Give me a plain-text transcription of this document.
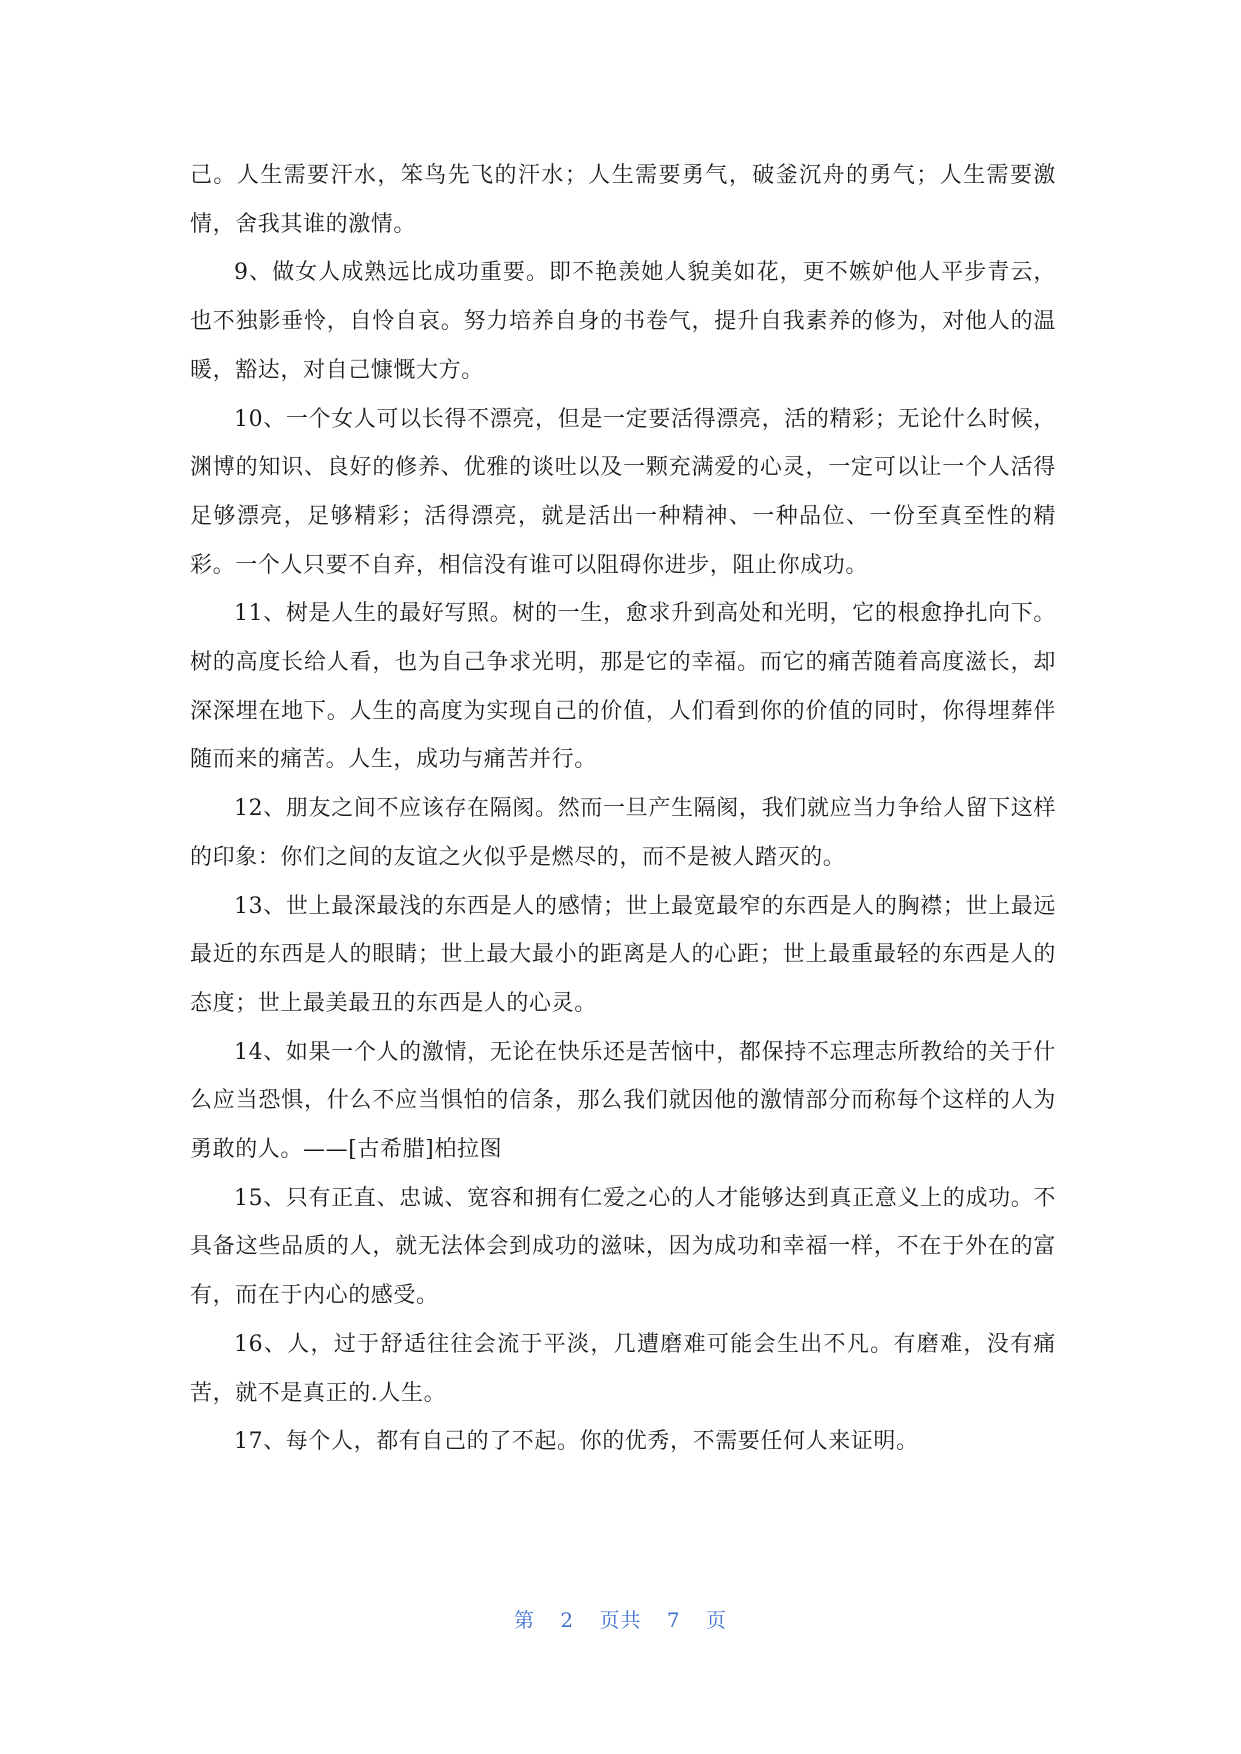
己。人生需要汗水，笨鸟先飞的汗水；人生需要勇气，破釜沉舟的勇气；人生需要激情，舍我其谁的激情。

9、做女人成熟远比成功重要。即不艳羡她人貌美如花，更不嫉妒他人平步青云，也不独影垂怜，自怜自哀。努力培养自身的书卷气，提升自我素养的修为，对他人的温暖，豁达，对自己慷慨大方。

10、一个女人可以长得不漂亮，但是一定要活得漂亮，活的精彩；无论什么时候，渊博的知识、良好的修养、优雅的谈吐以及一颗充满爱的心灵，一定可以让一个人活得足够漂亮，足够精彩；活得漂亮，就是活出一种精神、一种品位、一份至真至性的精彩。一个人只要不自弃，相信没有谁可以阻碍你进步，阻止你成功。

11、树是人生的最好写照。树的一生，愈求升到高处和光明，它的根愈挣扎向下。树的高度长给人看，也为自己争求光明，那是它的幸福。而它的痛苦随着高度滋长，却深深埋在地下。人生的高度为实现自己的价值，人们看到你的价值的同时，你得埋葬伴随而来的痛苦。人生，成功与痛苦并行。

12、朋友之间不应该存在隔阂。然而一旦产生隔阂，我们就应当力争给人留下这样的印象：你们之间的友谊之火似乎是燃尽的，而不是被人踏灭的。

13、世上最深最浅的东西是人的感情；世上最宽最窄的东西是人的胸襟；世上最远最近的东西是人的眼睛；世上最大最小的距离是人的心距；世上最重最轻的东西是人的态度；世上最美最丑的东西是人的心灵。

14、如果一个人的激情，无论在快乐还是苦恼中，都保持不忘理志所教给的关于什么应当恐惧，什么不应当惧怕的信条，那么我们就因他的激情部分而称每个这样的人为勇敢的人。——[古希腊]柏拉图

15、只有正直、忠诚、宽容和拥有仁爱之心的人才能够达到真正意义上的成功。不具备这些品质的人，就无法体会到成功的滋味，因为成功和幸福一样，不在于外在的富有，而在于内心的感受。

16、人，过于舒适往往会流于平淡，几遭磨难可能会生出不凡。有磨难，没有痛苦，就不是真正的.人生。

17、每个人，都有自己的了不起。你的优秀，不需要任何人来证明。

第 2 页共 7 页
